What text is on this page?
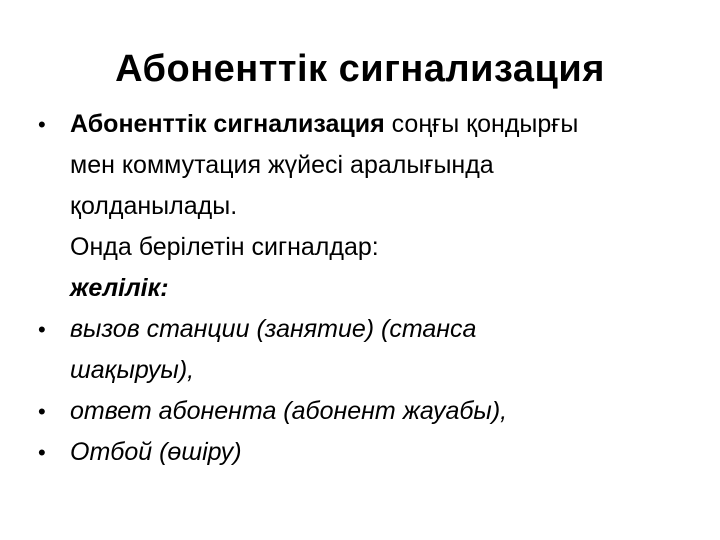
Абоненттік сигнализация
• Абоненттік сигнализация соңғы қондырғы
мен коммутация жүйесі аралығында
қолданылады.
Онда берілетін сигналдар:
желілік:
• вызов станции (занятие) (станса
шақыруы),
• ответ абонента (абонент жауабы),
• Отбой (өшіру)
